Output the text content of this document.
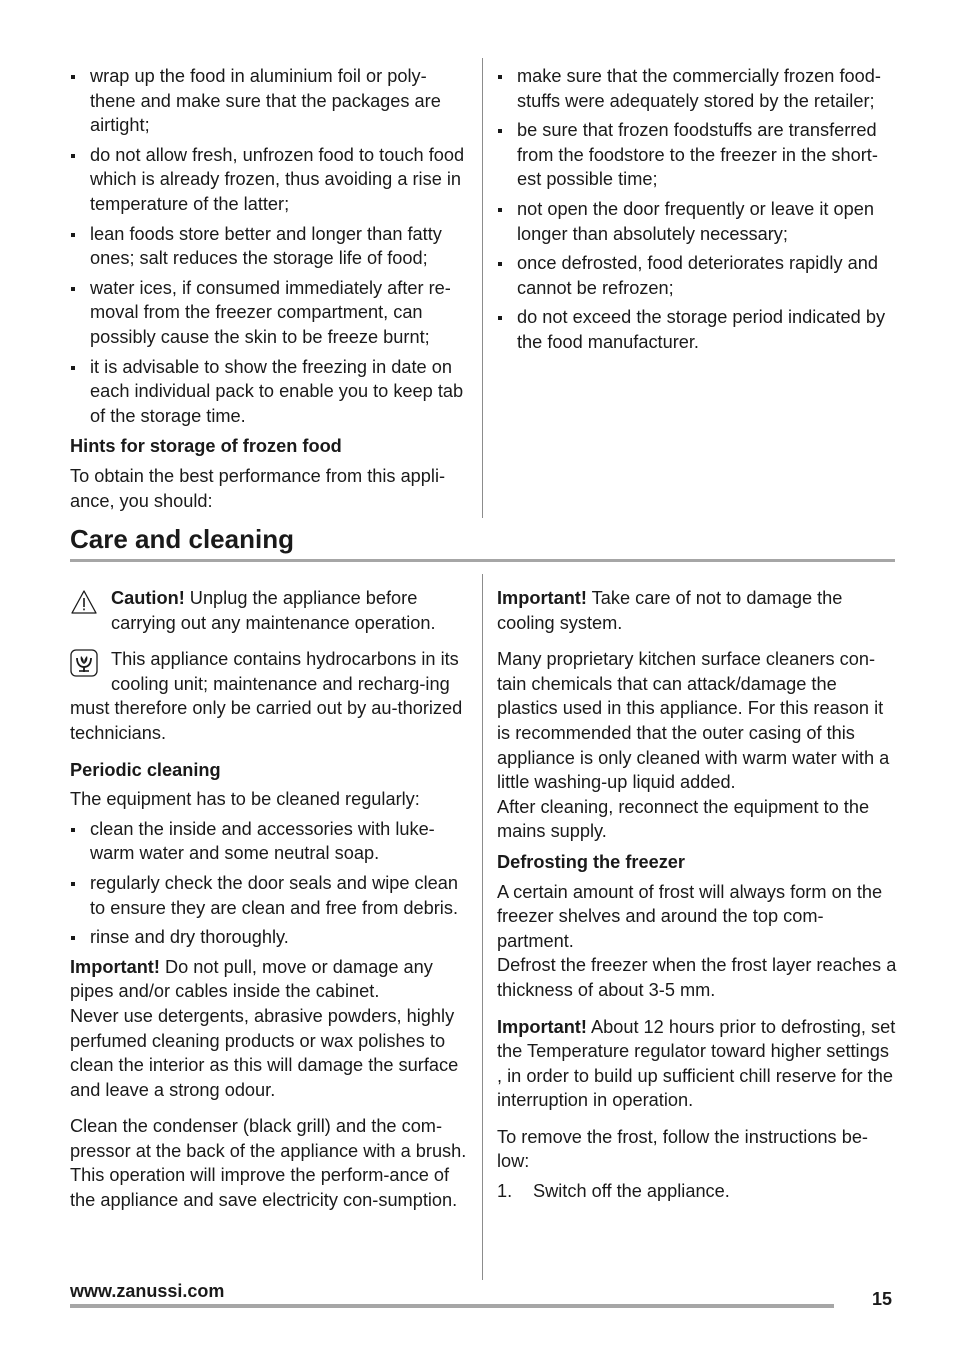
wrap up the food in aluminium foil or poly-thene and make sure that the packages are airtight;
do not allow fresh, unfrozen food to touch food which is already frozen, thus avoiding a rise in temperature of the latter;
lean foods store better and longer than fatty ones; salt reduces the storage life of food;
water ices, if consumed immediately after re-moval from the freezer compartment, can possibly cause the skin to be freeze burnt;
it is advisable to show the freezing in date on each individual pack to enable you to keep tab of the storage time.

Hints for storage of frozen food

To obtain the best performance from this appli-ance, you should:

make sure that the commercially frozen food-stuffs were adequately stored by the retailer;
be sure that frozen foodstuffs are transferred from the foodstore to the freezer in the short-est possible time;
not open the door frequently or leave it open longer than absolutely necessary;
once defrosted, food deteriorates rapidly and cannot be refrozen;
do not exceed the storage period indicated by the food manufacturer.
Care and cleaning

Caution! Unplug the appliance before carrying out any maintenance operation.

This appliance contains hydrocarbons in its cooling unit; maintenance and recharg-ing must therefore only be carried out by au-thorized technicians.

Periodic cleaning

The equipment has to be cleaned regularly:

clean the inside and accessories with luke-warm water and some neutral soap.
regularly check the door seals and wipe clean to ensure they are clean and free from debris.
rinse and dry thoroughly.

Important! Do not pull, move or damage any pipes and/or cables inside the cabinet.

Never use detergents, abrasive powders, highly perfumed cleaning products or wax polishes to clean the interior as this will damage the surface and leave a strong odour.

Clean the condenser (black grill) and the com-pressor at the back of the appliance with a brush. This operation will improve the perform-ance of the appliance and save electricity con-sumption.

Important! Take care of not to damage the cooling system.

Many proprietary kitchen surface cleaners con-tain chemicals that can attack/damage the plastics used in this appliance. For this reason it is recommended that the outer casing of this appliance is only cleaned with warm water with a little washing-up liquid added.

After cleaning, reconnect the equipment to the mains supply.

Defrosting the freezer

A certain amount of frost will always form on the freezer shelves and around the top com-partment.

Defrost the freezer when the frost layer reaches a thickness of about 3-5 mm.

Important! About 12 hours prior to defrosting, set the Temperature regulator toward higher settings , in order to build up sufficient chill reserve for the interruption in operation.

To remove the frost, follow the instructions be-low:

1. Switch off the appliance.
www.zanussi.com	15
